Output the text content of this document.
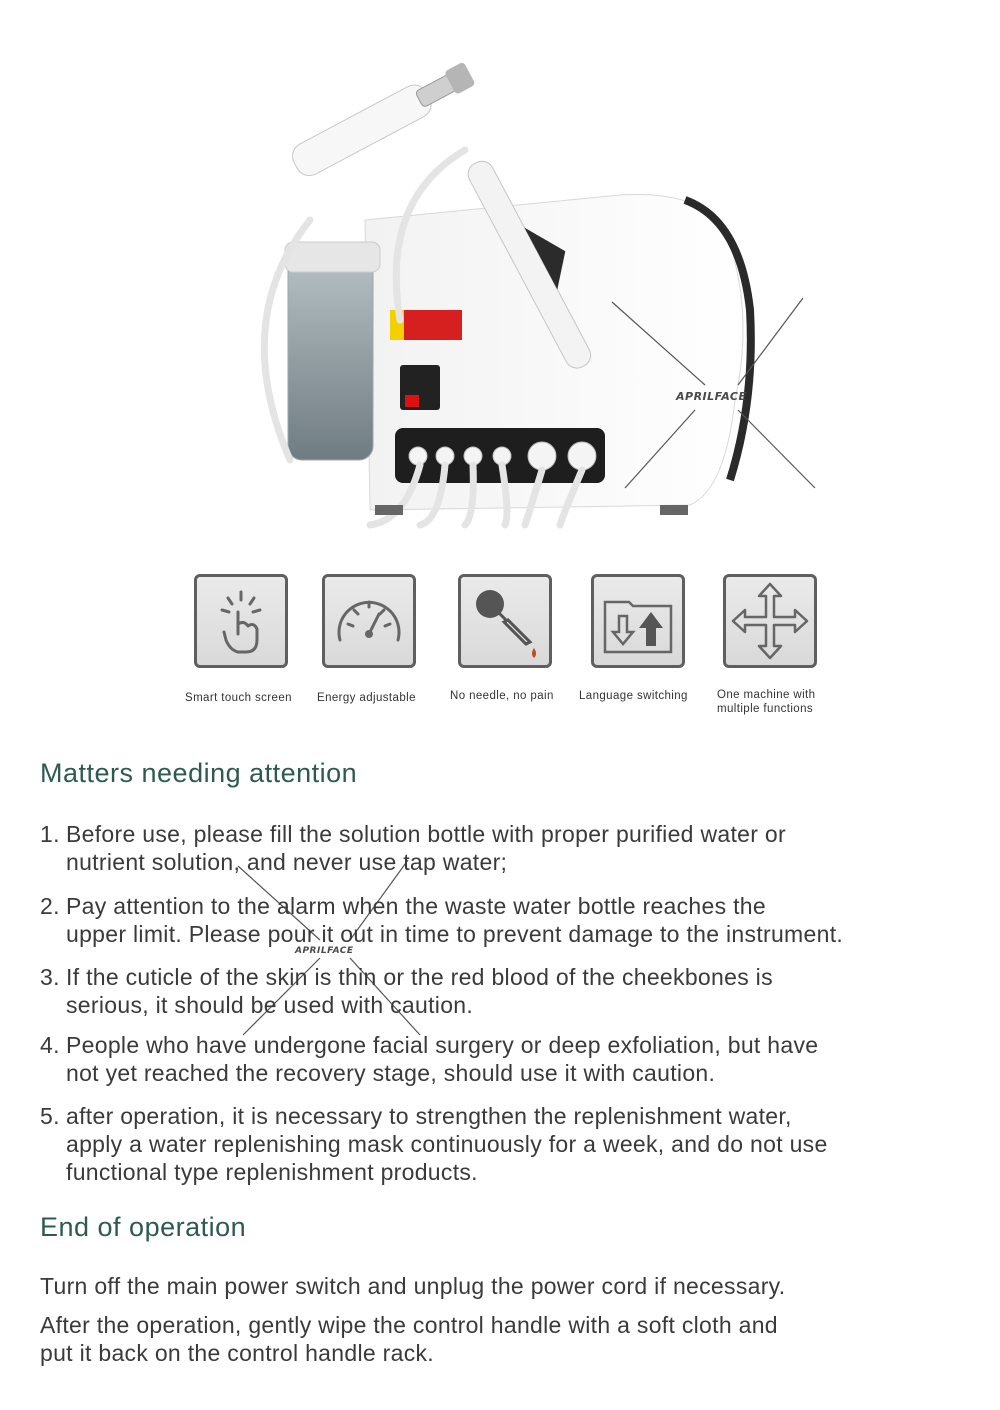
APRILFACE
APRILFACE
Smart touch screen Energy adjustable	No needle, no pain Language switching	One machine with
multiple functions
Matters needing attention
1. Before use, please fill the solution bottle with proper purified water or
nutrient solution, and never use tap water;
2. Pay attention to the alarm when the waste water bottle reaches the
upper limit. Please pour it out in time to prevent damage to the instrument.
3. If the cuticle of the skin is thin or the red blood of the cheekbones is
serious, it should be used with caution.
4. People who have undergone facial surgery or deep exfoliation, but have
not yet reached the recovery stage, should use it with caution.
5. after operation, it is necessary to strengthen the replenishment water,
apply a water replenishing mask continuously for a week, and do not use
functional type replenishment products.
End of operation
Turn off the main power switch and unplug the power cord if necessary.
After the operation, gently wipe the control handle with a soft cloth and
put it back on the control handle rack.
